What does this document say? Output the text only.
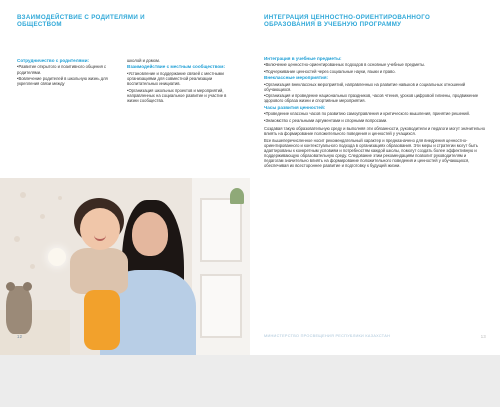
ВЗАИМОДЕЙСТВИЕ С РОДИТЕЛЯМИ И ОБЩЕСТВОМ
Сотрудничество с родителями:

•Развитие открытого и позитивного общения с родителями.

•Вовлечение родителей в школьную жизнь для укрепления связи между

школой и домом.

Взаимодействие с местным сообществом:

•Установление и поддержание связей с местными организациями для совместной реализации воспитательных инициатив.

•Организация школьных проектов и мероприятий, направленных на социальное развитие и участие в жизни сообщества.

12
ИНТЕГРАЦИЯ ЦЕННОСТНО-ОРИЕНТИРОВАННОГО ОБРАЗОВАНИЯ В УЧЕБНУЮ ПРОГРАММУ
Интеграция в учебные предметы:

•Включение ценностно-ориентированных подходов в основные учебные предметы.

•Подчеркивание ценностей через социальные науки, языки и право.

Внеклассные мероприятия:

•Организация внеклассных мероприятий, направленных на развитие навыков и социальных отношений обучающихся.

•Организация и проведение национальных праздников, часов чтения, уроков цифровой гигиены, продвижение здорового образа жизни и спортивные мероприятия.

Часы развития ценностей:

•Проведение классных часов по развитию самоуправления и критического мышления, принятие решений.

•Знакомство с реальными аргументами и спорными вопросами.

Создавая такую образовательную среду и выполняя эти обязанности, руководители и педагоги могут значительно влиять на формирование положительного поведения и ценностей у учащихся.

Все вышеперечисленное носит рекомендательный характер и предназначено для внедрения ценностно-ориентированного и контекстуального подхода в организациях образования. Эти меры и стратегии могут быть адаптированы к конкретным условиям и потребностям каждой школы, помогут создать более эффективную и поддерживающую образовательную среду. Следование этим рекомендациям позволит руководителям и педагогам значительно влиять на формирование положительного поведения и ценностей у обучающихся, обеспечивая их всестороннее развитие и подготовку к будущей жизни.

МИНИСТЕРСТВО ПРОСВЕЩЕНИЯ РЕСПУБЛИКИ КАЗАХСТАН	13
